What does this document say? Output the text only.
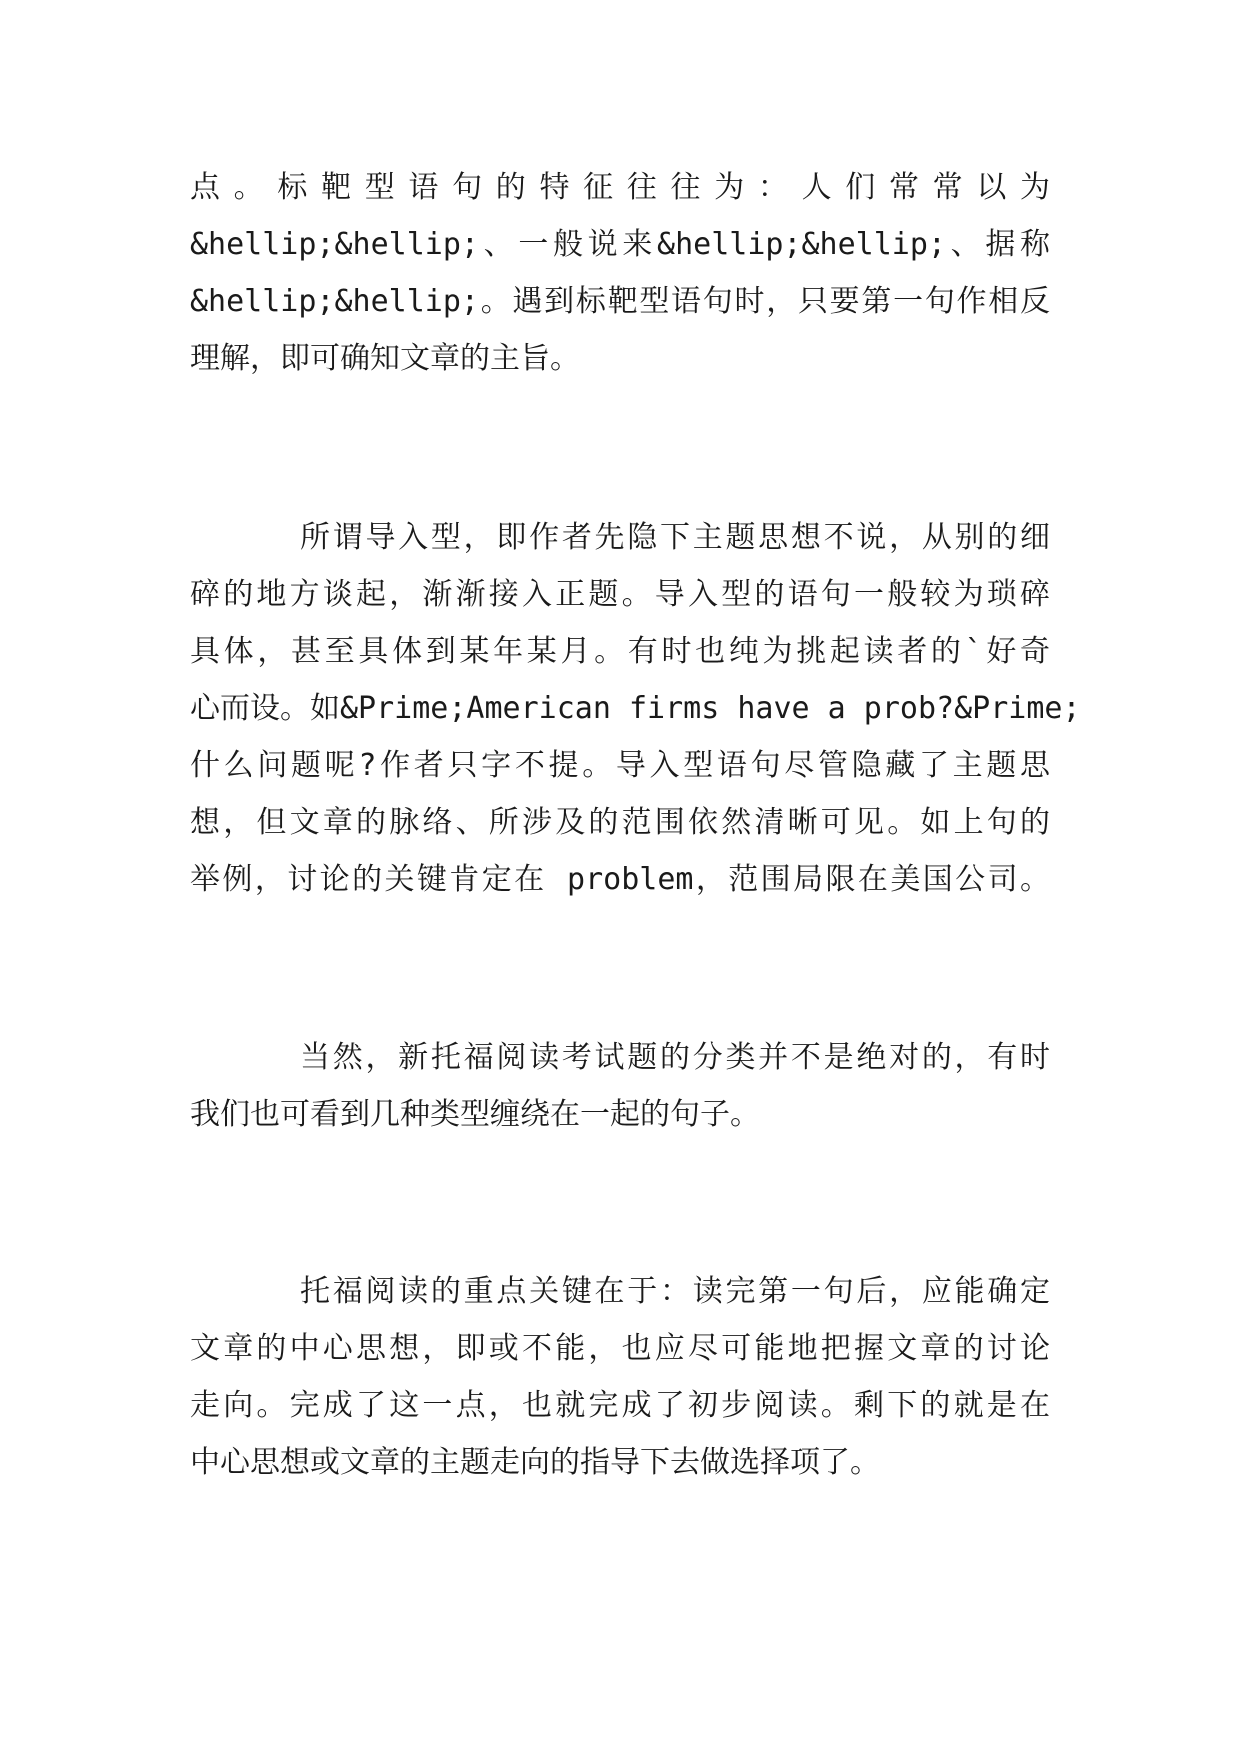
点。标靶型语句的特征往往为：人们常常以为
&hellip;&hellip;、一般说来&hellip;&hellip;、据称
&hellip;&hellip;。遇到标靶型语句时，只要第一句作相反
理解，即可确知文章的主旨。
所谓导入型，即作者先隐下主题思想不说，从别的细
碎的地方谈起，渐渐接入正题。导入型的语句一般较为琐碎
具体，甚至具体到某年某月。有时也纯为挑起读者的`好奇
心而设。如&Prime;American firms have a prob?&Prime;
什么问题呢?作者只字不提。导入型语句尽管隐藏了主题思
想，但文章的脉络、所涉及的范围依然清晰可见。如上句的
举例，讨论的关键肯定在 problem，范围局限在美国公司。
当然，新托福阅读考试题的分类并不是绝对的，有时
我们也可看到几种类型缠绕在一起的句子。
托福阅读的重点关键在于：读完第一句后，应能确定
文章的中心思想，即或不能，也应尽可能地把握文章的讨论
走向。完成了这一点，也就完成了初步阅读。剩下的就是在
中心思想或文章的主题走向的指导下去做选择项了。
